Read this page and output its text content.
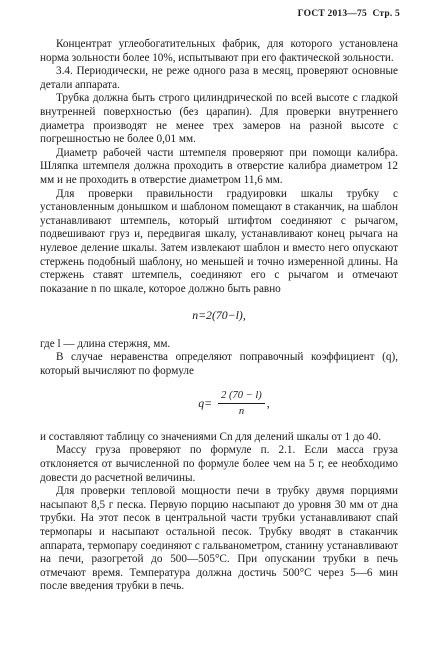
ГОСТ 2013—75 Стр. 5

Концентрат углеобогатительных фабрик, для которого установлена норма зольности более 10%, испытывают при его фактической зольности.

3.4. Периодически, не реже одного раза в месяц, проверяют основные детали аппарата.

Трубка должна быть строго цилиндрической по всей высоте с гладкой внутренней поверхностью (без царапин). Для проверки внутреннего диаметра производят не менее трех замеров на разной высоте с погрешностью не более 0,01 мм.

Диаметр рабочей части штемпеля проверяют при помощи калибра. Шляпка штемпеля должна проходить в отверстие калибра диаметром 12 мм и не проходить в отверстие диаметром 11,6 мм.

Для проверки правильности градуировки шкалы трубку с установленным донышком и шаблоном помещают в стаканчик, на шаблон устанавливают штемпель, который штифтом соединяют с рычагом, подвешивают груз и, передвигая шкалу, устанавливают конец рычага на нулевое деление шкалы. Затем извлекают шаблон и вместо него опускают стержень подобный шаблону, но меньшей и точно измеренной длины. На стержень ставят штемпель, соединяют его с рычагом и отмечают показание n по шкале, которое должно быть равно

n=2(70−l),

где l — длина стержня, мм.

В случае неравенства определяют поправочный коэффициент (q), который вычисляют по формуле

$q= \frac{2 (70 - l)}{n}$ ,

и составляют таблицу со значениями Сn для делений шкалы от 1 до 40.

Массу груза проверяют по формуле п. 2.1. Если масса груза отклоняется от вычисленной по формуле более чем на 5 г, ее необходимо довести до расчетной величины.

Для проверки тепловой мощности печи в трубку двумя порциями насыпают 8,5 г песка. Первую порцию насыпают до уровня 30 мм от дна трубки. На этот песок в центральной части трубки устанавливают спай термопары и насыпают остальной песок. Трубку вводят в стаканчик аппарата, термопару соединяют с гальванометром, станину устанавливают на печи, разогретой до 500—505°С. При опускании трубки в печь отмечают время. Температура должна достичь 500°С через 5—6 мин после введения трубки в печь.
